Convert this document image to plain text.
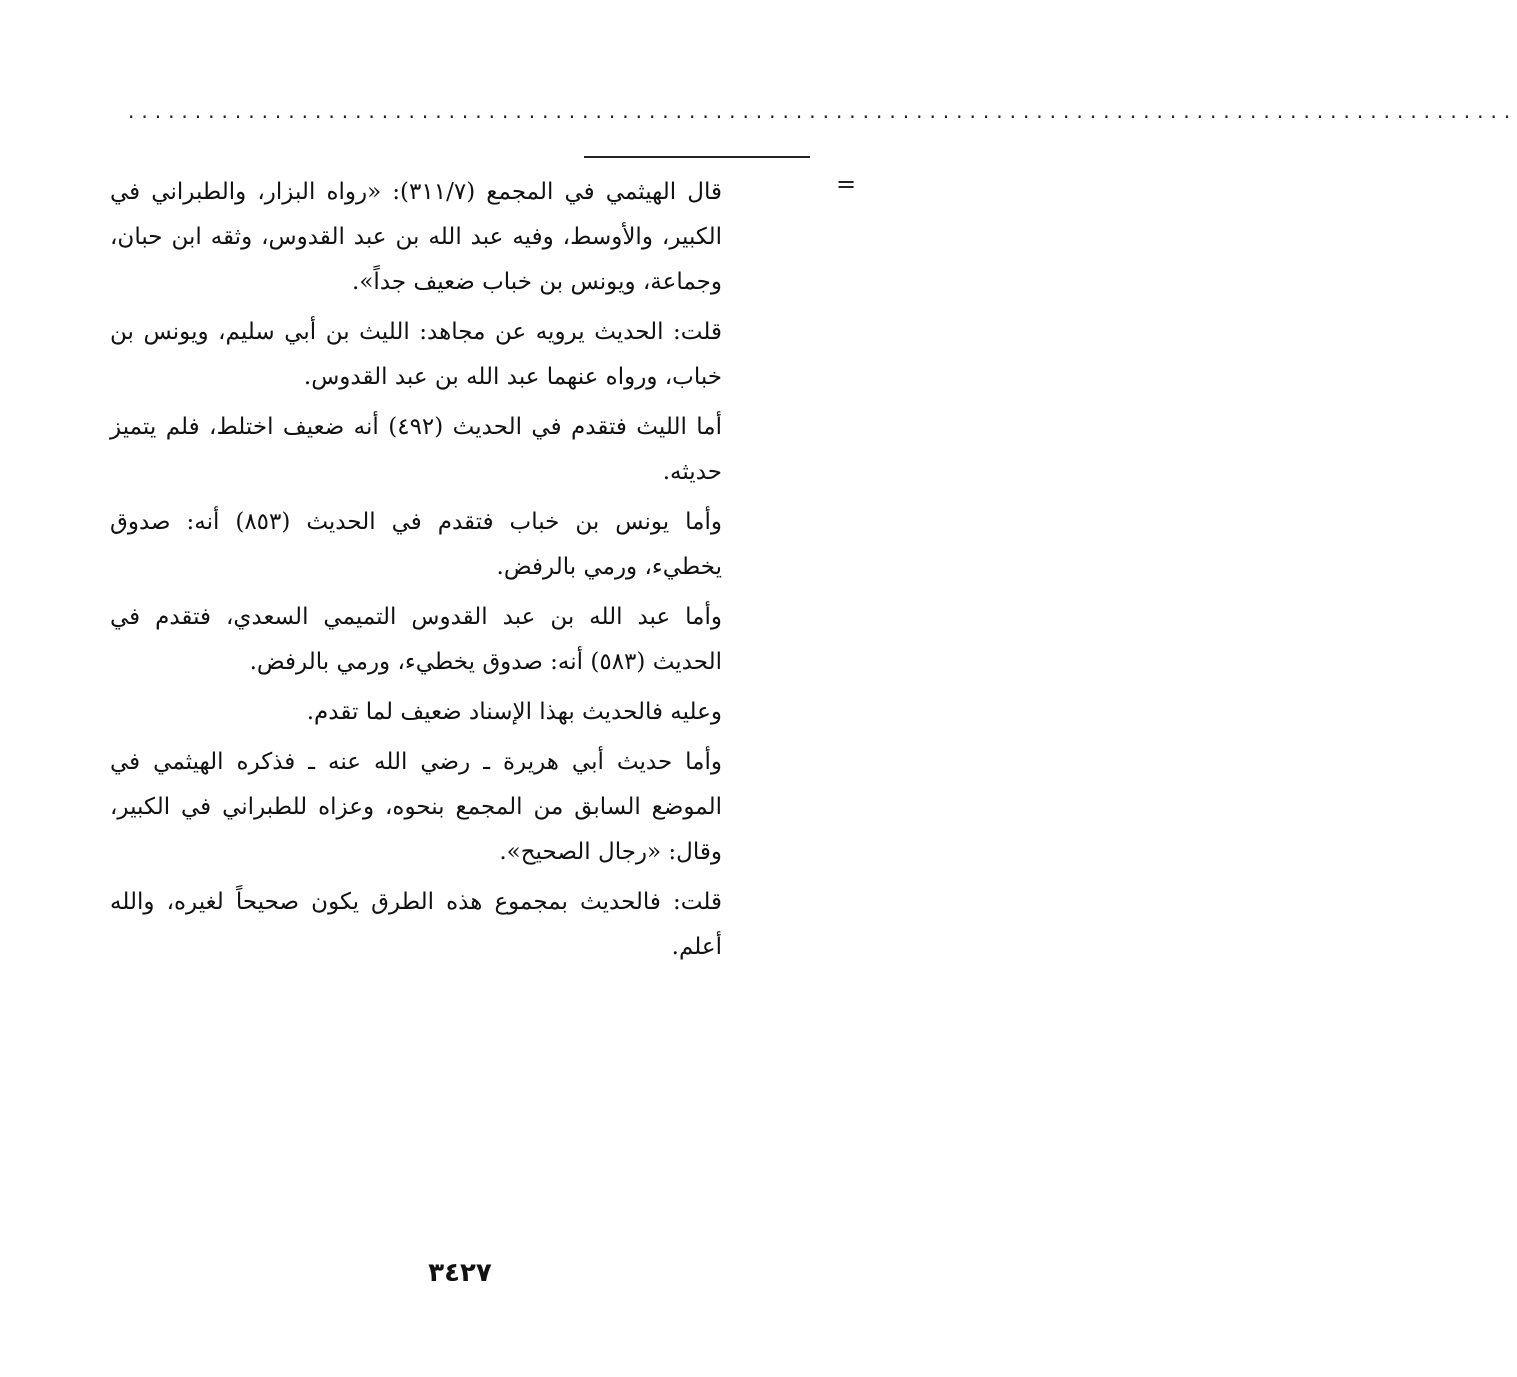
........................................................................................................
=

قال الهيثمي في المجمع (٣١١/٧): «رواه البزار، والطبراني في الكبير، والأوسط، وفيه عبد الله بن عبد القدوس، وثقه ابن حبان، وجماعة، ويونس بن خباب ضعيف جداً».

قلت: الحديث يرويه عن مجاهد: الليث بن أبي سليم، ويونس بن خباب، ورواه عنهما عبد الله بن عبد القدوس.

أما الليث فتقدم في الحديث (٤٩٢) أنه ضعيف اختلط، فلم يتميز حديثه.

وأما يونس بن خباب فتقدم في الحديث (٨٥٣) أنه: صدوق يخطيء، ورمي بالرفض.

وأما عبد الله بن عبد القدوس التميمي السعدي، فتقدم في الحديث (٥٨٣) أنه: صدوق يخطيء، ورمي بالرفض.

وعليه فالحديث بهذا الإسناد ضعيف لما تقدم.

وأما حديث أبي هريرة ـ رضي الله عنه ـ فذكره الهيثمي في الموضع السابق من المجمع بنحوه، وعزاه للطبراني في الكبير، وقال: «رجال الصحيح».

قلت: فالحديث بمجموع هذه الطرق يكون صحيحاً لغيره، والله أعلم.

٣٤٢٧
